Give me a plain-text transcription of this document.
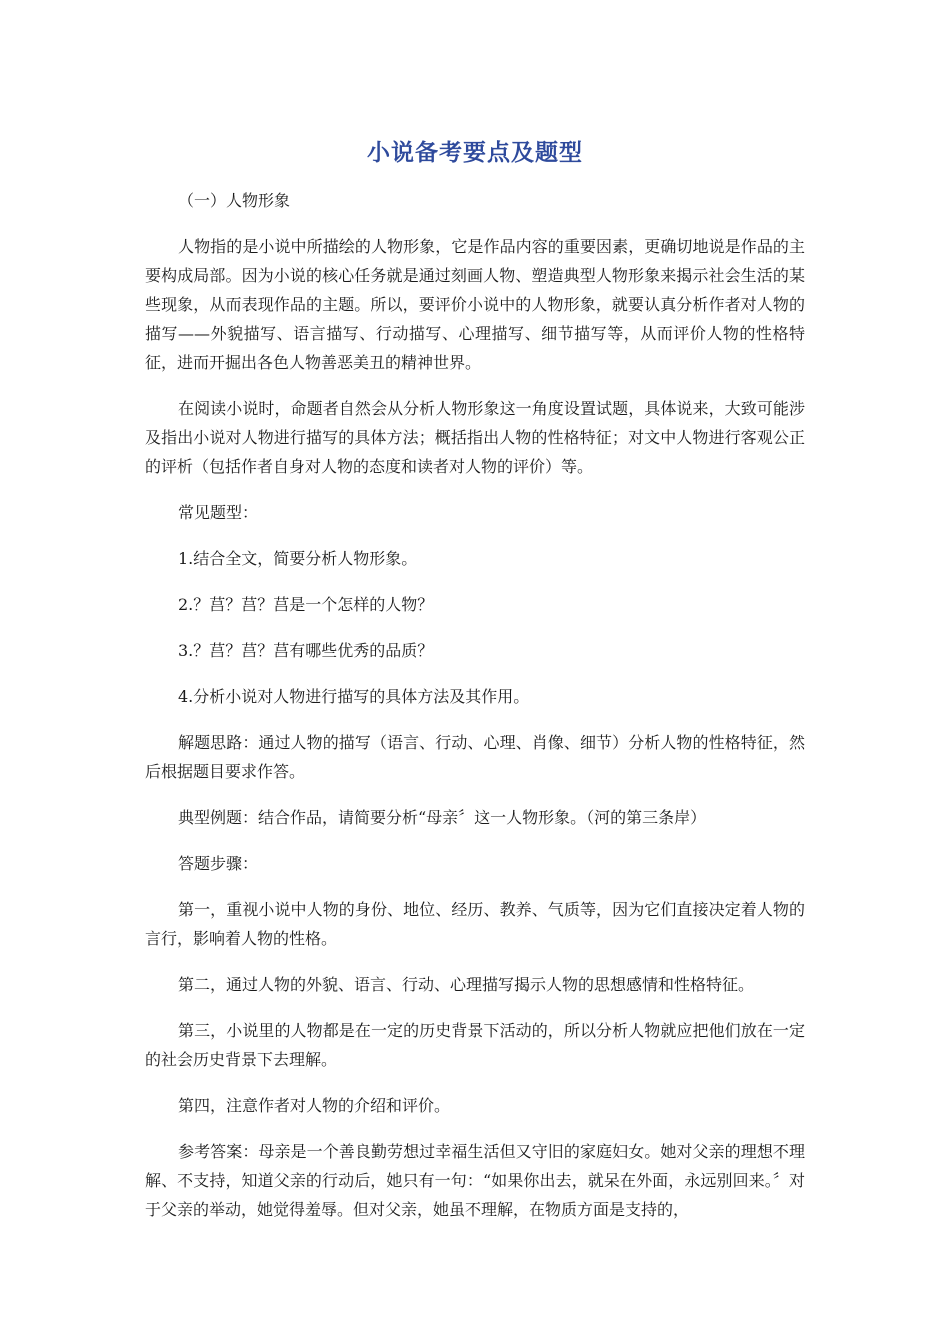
小说备考要点及题型

（一）人物形象

人物指的是小说中所描绘的人物形象，它是作品内容的重要因素，更确切地说是作品的主要构成局部。因为小说的核心任务就是通过刻画人物、塑造典型人物形象来揭示社会生活的某些现象，从而表现作品的主题。所以，要评价小说中的人物形象，就要认真分析作者对人物的描写——外貌描写、语言描写、行动描写、心理描写、细节描写等，从而评价人物的性格特征，进而开掘出各色人物善恶美丑的精神世界。

在阅读小说时，命题者自然会从分析人物形象这一角度设置试题，具体说来，大致可能涉及指出小说对人物进行描写的具体方法；概括指出人物的性格特征；对文中人物进行客观公正的评析（包括作者自身对人物的态度和读者对人物的评价）等。

常见题型：

1.结合全文，简要分析人物形象。

2.？莒？莒？莒是一个怎样的人物？

3.？莒？莒？莒有哪些优秀的品质？

4.分析小说对人物进行描写的具体方法及其作用。

解题思路：通过人物的描写（语言、行动、心理、肖像、细节）分析人物的性格特征，然后根据题目要求作答。

典型例题：结合作品，请简要分析“母亲〞这一人物形象。（河的第三条岸）

答题步骤：

第一，重视小说中人物的身份、地位、经历、教养、气质等，因为它们直接决定着人物的言行，影响着人物的性格。

第二，通过人物的外貌、语言、行动、心理描写揭示人物的思想感情和性格特征。

第三，小说里的人物都是在一定的历史背景下活动的，所以分析人物就应把他们放在一定的社会历史背景下去理解。

第四，注意作者对人物的介绍和评价。

参考答案：母亲是一个善良勤劳想过幸福生活但又守旧的家庭妇女。她对父亲的理想不理解、不支持，知道父亲的行动后，她只有一句：“如果你出去，就呆在外面，永远别回来。〞对于父亲的举动，她觉得羞辱。但对父亲，她虽不理解，在物质方面是支持的，
